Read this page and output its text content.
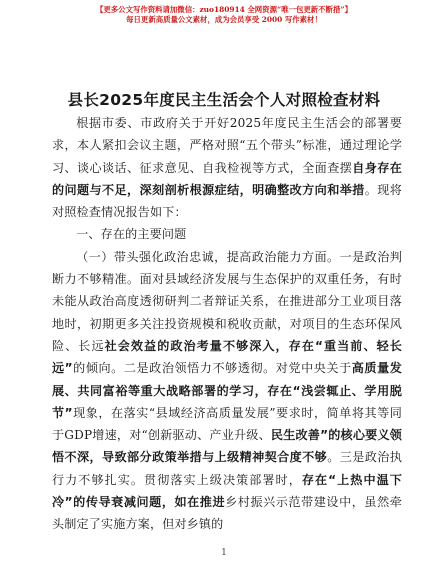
【更多公文写作资料请加微信：zuo180914 全网资源“唯一包更新不断措”】
每日更新高质量公文素材，成为会员享受 2000 写作素材！
县长2025年度民主生活会个人对照检查材料

根据市委、市政府关于开好2025年度民主生活会的部署要求，本人紧扣会议主题，严格对照“五个带头”标准，通过理论学习、谈心谈话、征求意见、自我检视等方式，全面查摆自身存在的问题与不足，深刻剖析根源症结，明确整改方向和举措。现将对照检查情况报告如下：

一、存在的主要问题

（一）带头强化政治忠诚，提高政治能力方面。一是政治判断力不够精准。面对县域经济发展与生态保护的双重任务，有时未能从政治高度透彻研判二者辩证关系，在推进部分工业项目落地时，初期更多关注投资规模和税收贡献，对项目的生态环保风险、长远社会效益的政治考量不够深入，存在“重当前、轻长远”的倾向。二是政治领悟力不够透彻。对党中央关于高质量发展、共同富裕等重大战略部署的学习，存在“浅尝辄止、学用脱节”现象，在落实“县域经济高质量发展”要求时，简单将其等同于GDP增速，对“创新驱动、产业升级、民生改善”的核心要义领悟不深，导致部分政策举措与上级精神契合度不够。三是政治执行力不够扎实。贯彻落实上级决策部署时，存在“上热中温下冷”的传导衰减问题，如在推进乡村振兴示范带建设中，虽然牵头制定了实施方案，但对乡镇的

1
